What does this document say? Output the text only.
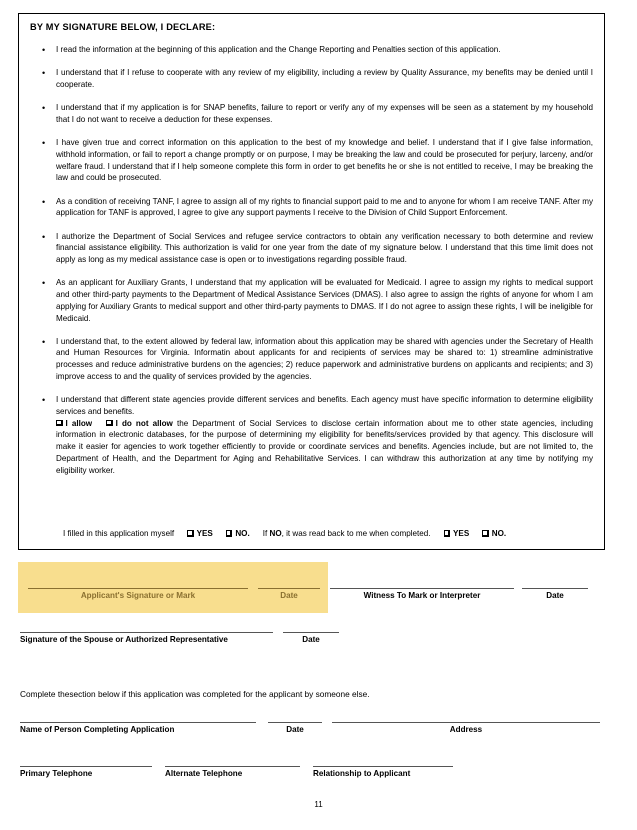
BY MY SIGNATURE BELOW, I DECLARE:

• I read the information at the beginning of this application and the Change Reporting and Penalties section of this application.
• I understand that if I refuse to cooperate with any review of my eligibility, including a review by Quality Assurance, my benefits may be denied until I cooperate.
• I understand that if my application is for SNAP benefits, failure to report or verify any of my expenses will be seen as a statement by my household that I do not want to receive a deduction for these expenses.
• I have given true and correct information on this application to the best of my knowledge and belief. I understand that if I give false information, withhold information, or fail to report a change promptly or on purpose, I may be breaking the law and could be prosecuted for perjury, larceny, and/or welfare fraud. I understand that if I help someone complete this form in order to get benefits he or she is not entitled to receive, I may be breaking the law and could be prosecuted.
• As a condition of receiving TANF, I agree to assign all of my rights to financial support paid to me and to anyone for whom I am receive TANF. After my application for TANF is approved, I agree to give any support payments I receive to the Division of Child Support Enforcement.
• I authorize the Department of Social Services and refugee service contractors to obtain any verification necessary to both determine and review financial assistance eligibility. This authorization is valid for one year from the date of my signature below. I understand that this time limit does not apply as long as my medical assistance case is open or to investigations regarding possible fraud.
• As an applicant for Auxiliary Grants, I understand that my application will be evaluated for Medicaid. I agree to assign my rights to medical support and other third-party payments to the Department of Medical Assistance Services (DMAS). I also agree to assign the rights of anyone for whom I am applying for Auxiliary Grants to medical support and other third-party payments to DMAS. If I do not agree to assign these rights, I will be ineligible for Medicaid.
• I understand that, to the extent allowed by federal law, information about this application may be shared with agencies under the Secretary of Health and Human Resources for Virginia. Informatin about applicants for and recipients of services may be shared to: 1) streamline administrative processes and reduce administrative burdens on the agencies; 2) reduce paperwork and administrative burdens on applicants and recipients; and 3) improve access to and the quality of services provided by the agencies.
• I understand that different state agencies provide different services and benefits. Each agency must have specific information to determine eligibility services and benefits.
I allow	I do not allow the Department of Social Services to disclose certain information about me to other state agencies, including information in electronic databases, for the purpose of determining my eligibility for benefits/services provided by that agency. This disclosure will make it easier for agencies to work together efficiently to provide or coordinate services and benefits. Agencies include, but are not limited to, the Department of Health, and the Department for Aging and Rehabilitative Services. I can withdraw this authorization at any time by notifying my eligibility worker.
I filled in this application myself	YES	NO. If NO, it was read back to me when completed.	YES	NO.
Applicant's Signature or Mark	Date	Witness To Mark or Interpreter	Date
Signature of the Spouse or Authorized Representative	Date
Complete thesection below if this application was completed for the applicant by someone else.
Name of Person Completing Application	Date	Address
Primary Telephone	Alternate Telephone	Relationship to Applicant
11
